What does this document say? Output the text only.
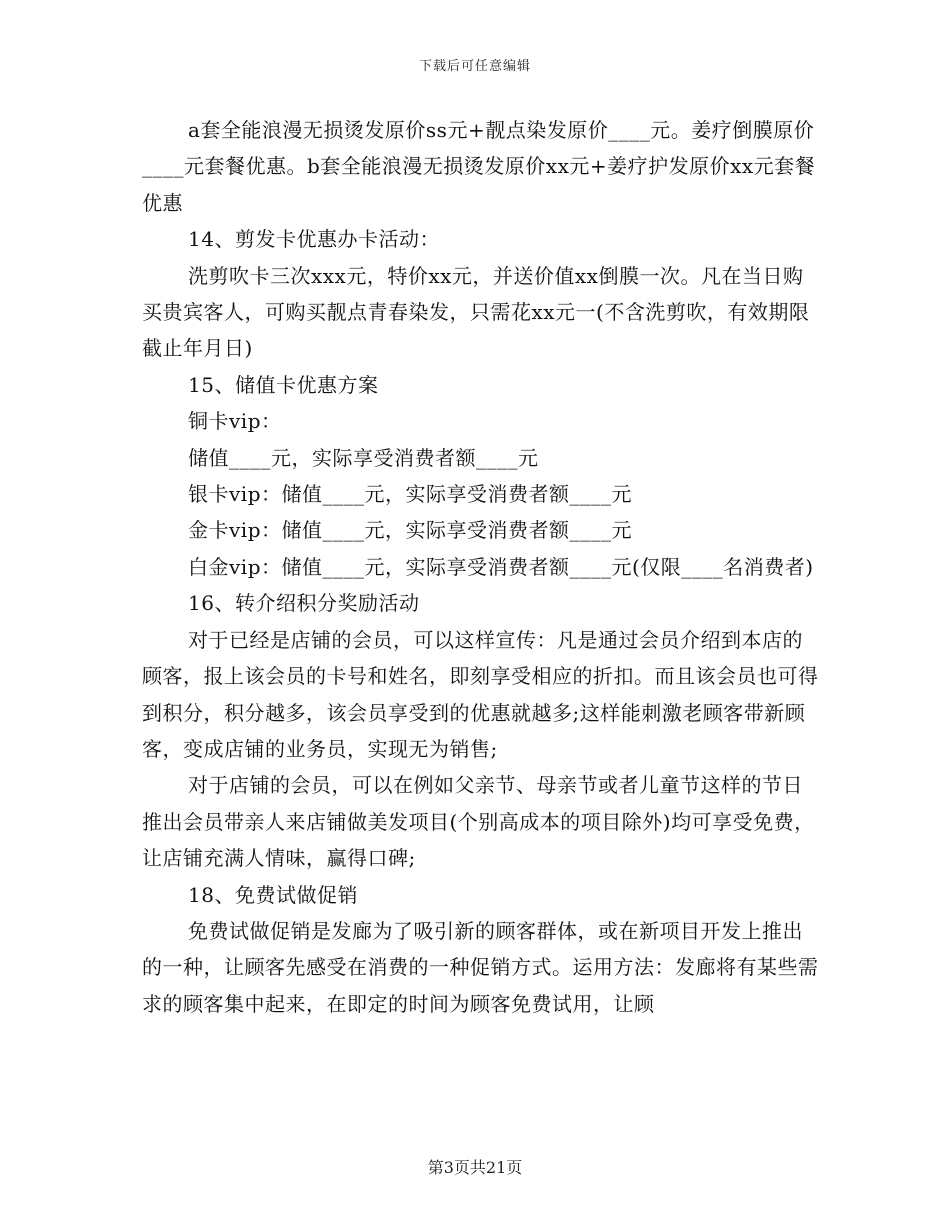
下载后可任意编辑

a套全能浪漫无损烫发原价ss元+靓点染发原价____元。姜疗倒膜原价____元套餐优惠。b套全能浪漫无损烫发原价xx元+姜疗护发原价xx元套餐优惠

14、剪发卡优惠办卡活动：

洗剪吹卡三次xxx元，特价xx元，并送价值xx倒膜一次。凡在当日购买贵宾客人，可购买靓点青春染发，只需花xx元一(不含洗剪吹，有效期限截止年月日)

15、储值卡优惠方案

铜卡vip：

储值____元，实际享受消费者额____元

银卡vip：储值____元，实际享受消费者额____元

金卡vip：储值____元，实际享受消费者额____元

白金vip：储值____元，实际享受消费者额____元(仅限____名消费者)

16、转介绍积分奖励活动

对于已经是店铺的会员，可以这样宣传：凡是通过会员介绍到本店的顾客，报上该会员的卡号和姓名，即刻享受相应的折扣。而且该会员也可得到积分，积分越多，该会员享受到的优惠就越多;这样能刺激老顾客带新顾客，变成店铺的业务员，实现无为销售;

对于店铺的会员，可以在例如父亲节、母亲节或者儿童节这样的节日推出会员带亲人来店铺做美发项目(个别高成本的项目除外)均可享受免费，让店铺充满人情味，赢得口碑;

18、免费试做促销

免费试做促销是发廊为了吸引新的顾客群体，或在新项目开发上推出的一种，让顾客先感受在消费的一种促销方式。运用方法：发廊将有某些需求的顾客集中起来，在即定的时间为顾客免费试用，让顾

第3页共21页
